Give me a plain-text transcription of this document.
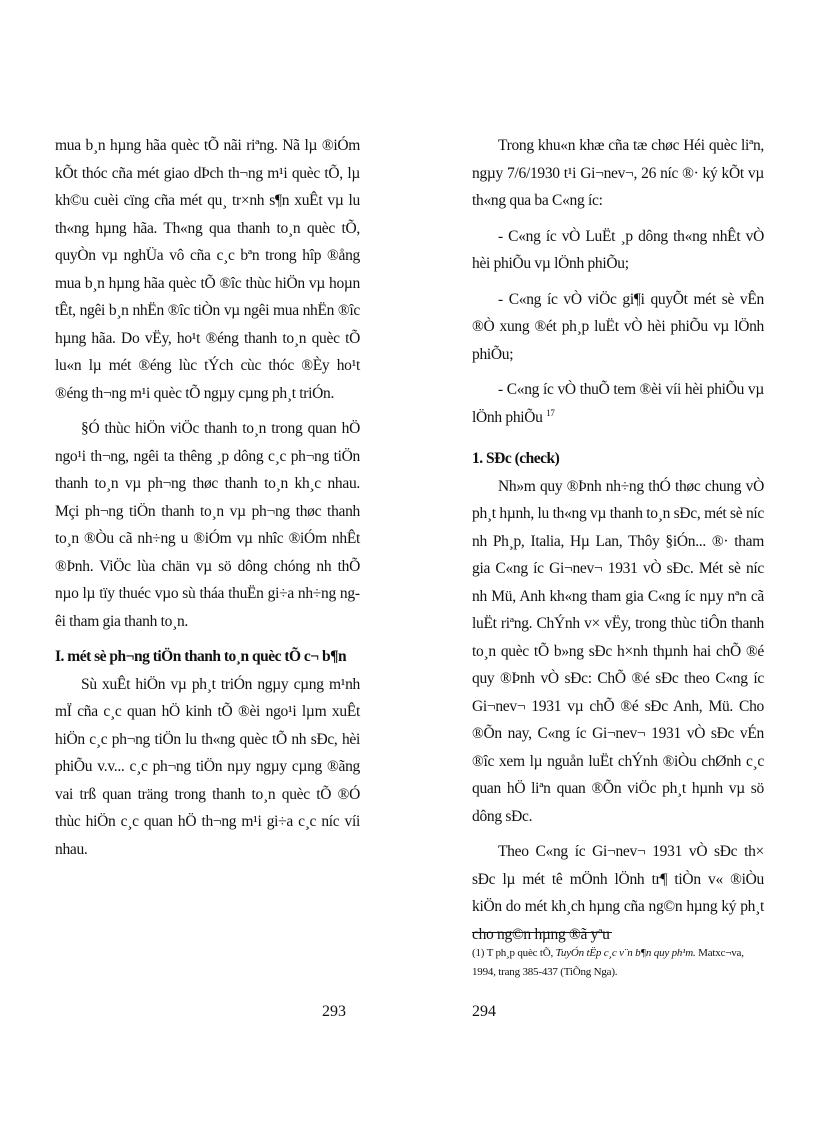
mua b¸n hµng hãa quèc tÕ nãi riªng. Nã lµ ®iÓm kÕt thóc cña mét giao dÞch th¬ng m¹i quèc tÕ, lµ kh©u cuèi cïng cña mét qu¸ tr×nh s¶n xuÊt vµ lu th«ng hµng hãa. Th«ng qua thanh to¸n quèc tÕ, quyÒn vµ nghÜa vô cña c¸c bªn trong hîp ®ång mua b¸n hµng hãa quèc tÕ ®îc thùc hiÖn vµ hoµn tÊt, ngêi b¸n nhËn ®îc tiÒn vµ ngêi mua nhËn ®îc hµng hãa. Do vËy, ho¹t ®éng thanh to¸n quèc tÕ lu«n lµ mét ®éng lùc tÝch cùc thóc ®Èy ho¹t ®éng th¬ng m¹i quèc tÕ ngµy cµng ph¸t triÓn.

§Ó thùc hiÖn viÖc thanh to¸n trong quan hÖ ngo¹i th¬ng, ngêi ta thêng ¸p dông c¸c ph¬ng tiÖn thanh to¸n vµ ph¬ng thøc thanh to¸n kh¸c nhau. Mçi ph¬ng tiÖn thanh to¸n vµ ph¬ng thøc thanh to¸n ®Òu cã nh÷ng u ®iÓm vµ nhîc ®iÓm nhÊt ®Þnh. ViÖc lùa chän vµ sö dông chóng nh thÕ nµo lµ tïy thuéc vµo sù tháa thuËn gi÷a nh÷ng ngêi tham gia thanh to¸n.

I. mét sè ph¬ng tiÖn thanh to¸n quèc tÕ c¬ b¶n

Sù xuÊt hiÖn vµ ph¸t triÓn ngµy cµng m¹nh mÏ cña c¸c quan hÖ kinh tÕ ®èi ngo¹i lµm xuÊt hiÖn c¸c ph¬ng tiÖn lu th«ng quèc tÕ nh sÐc, hèi phiÕu v.v... c¸c ph¬ng tiÖn nµy ngµy cµng ®ãng vai trß quan träng trong thanh to¸n quèc tÕ ®Ó thùc hiÖn c¸c quan hÖ th¬ng m¹i gi÷a c¸c níc víi nhau.

Trong khu«n khæ cña tæ chøc Héi quèc liªn, ngµy 7/6/1930 t¹i Gi¬nev¬, 26 níc ®· ký kÕt vµ th«ng qua ba C«ng íc:

- C«ng íc vÒ LuËt ¸p dông th«ng nhÊt vÒ hèi phiÕu vµ lÖnh phiÕu;

- C«ng íc vÒ viÖc gi¶i quyÕt mét sè vÊn ®Ò xung ®ét ph¸p luËt vÒ hèi phiÕu vµ lÖnh phiÕu;

- C«ng íc vÒ thuÕ tem ®èi víi hèi phiÕu vµ lÖnh phiÕu $^{17}$

1. SÐc (check)

Nh»m quy ®Þnh nh÷ng thÓ thøc chung vÒ ph¸t hµnh, lu th«ng vµ thanh to¸n sÐc, mét sè níc nh Ph¸p, Italia, Hµ Lan, Thôy §iÓn... ®· tham gia C«ng íc Gi¬nev¬ 1931 vÒ sÐc. Mét sè níc nh Mü, Anh kh«ng tham gia C«ng íc nµy nªn cã luËt riªng. ChÝnh v× vËy, trong thùc tiÔn thanh to¸n quèc tÕ b»ng sÐc h×nh thµnh hai chÕ ®é quy ®Þnh vÒ sÐc: ChÕ ®é sÐc theo C«ng íc Gi¬nev¬ 1931 vµ chÕ ®é sÐc Anh, Mü. Cho ®Õn nay, C«ng íc Gi¬nev¬ 1931 vÒ sÐc vÉn ®îc xem lµ nguån luËt chÝnh ®iÒu chØnh c¸c quan hÖ liªn quan ®Õn viÖc ph¸t hµnh vµ sö dông sÐc.

Theo C«ng íc Gi¬nev¬ 1931 vÒ sÐc th× sÐc lµ mét tê mÖnh lÖnh tr¶ tiÒn v« ®iÒu kiÖn do mét kh¸ch hµng cña ng©n hµng ký ph¸t cho ng©n hµng ®ã yªu

(1) T ph¸p quèc tÕ, TuyÓn tËp c¸c v¨n b¶n quy ph¹m. Matxc¬va, 1994, trang 385-437 (TiÕng Nga).
293	294
